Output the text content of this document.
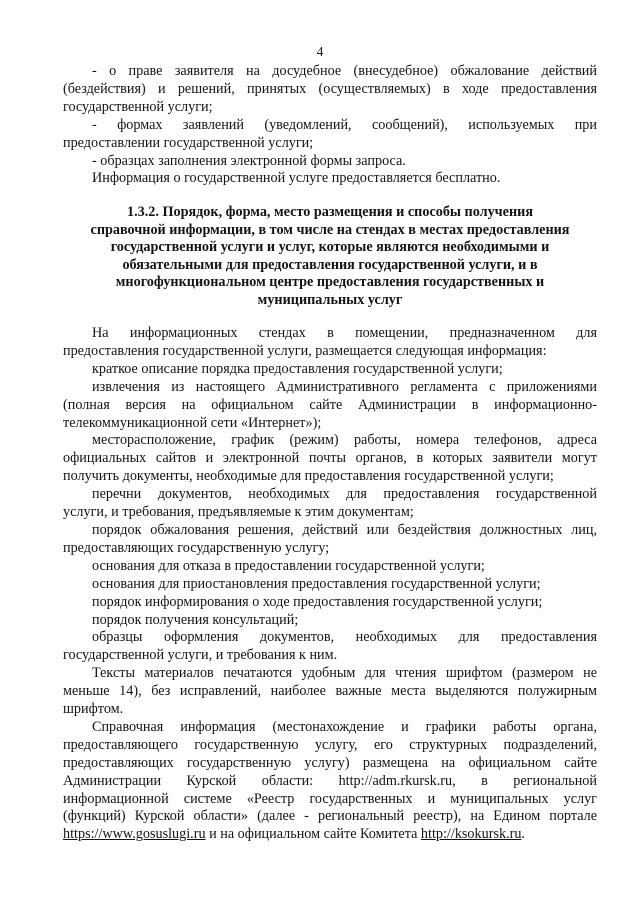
4
- о праве заявителя на досудебное (внесудебное) обжалование действий
(бездействия) и решений, принятых (осуществляемых) в ходе предоставления
государственной услуги;
- формах заявлений (уведомлений, сообщений), используемых при
предоставлении государственной услуги;
- образцах заполнения электронной формы запроса.
Информация о государственной услуге предоставляется бесплатно.
1.3.2. Порядок, форма, место размещения и способы получения
справочной информации, в том числе на стендах в местах предоставления
государственной услуги и услуг, которые являются необходимыми и
обязательными для предоставления государственной услуги, и в
многофункциональном центре предоставления государственных и
муниципальных услуг
На информационных стендах в помещении, предназначенном для
предоставления государственной услуги, размещается следующая информация:
краткое описание порядка предоставления государственной услуги;
извлечения из настоящего Административного регламента с приложениями
(полная версия на официальном сайте Администрации в информационно-
телекоммуникационной сети «Интернет»);
месторасположение, график (режим) работы, номера телефонов, адреса
официальных сайтов и электронной почты органов, в которых заявители могут
получить документы, необходимые для предоставления государственной услуги;
перечни документов, необходимых для предоставления государственной
услуги, и требования, предъявляемые к этим документам;
порядок обжалования решения, действий или бездействия должностных лиц,
предоставляющих государственную услугу;
основания для отказа в предоставлении государственной услуги;
основания для приостановления предоставления государственной услуги;
порядок информирования о ходе предоставления государственной услуги;
порядок получения консультаций;
образцы оформления документов, необходимых для предоставления
государственной услуги, и требования к ним.
Тексты материалов печатаются удобным для чтения шрифтом (размером не
меньше 14), без исправлений, наиболее важные места выделяются полужирным
шрифтом.
Справочная информация (местонахождение и графики работы органа,
предоставляющего государственную услугу, его структурных подразделений,
предоставляющих государственную услугу) размещена на официальном сайте
Администрации Курской области: http://adm.rkursk.ru, в региональной
информационной системе «Реестр государственных и муниципальных услуг
(функций) Курской области» (далее - региональный реестр), на Едином портале
https://www.gosuslugi.ru и на официальном сайте Комитета http://ksokursk.ru.
